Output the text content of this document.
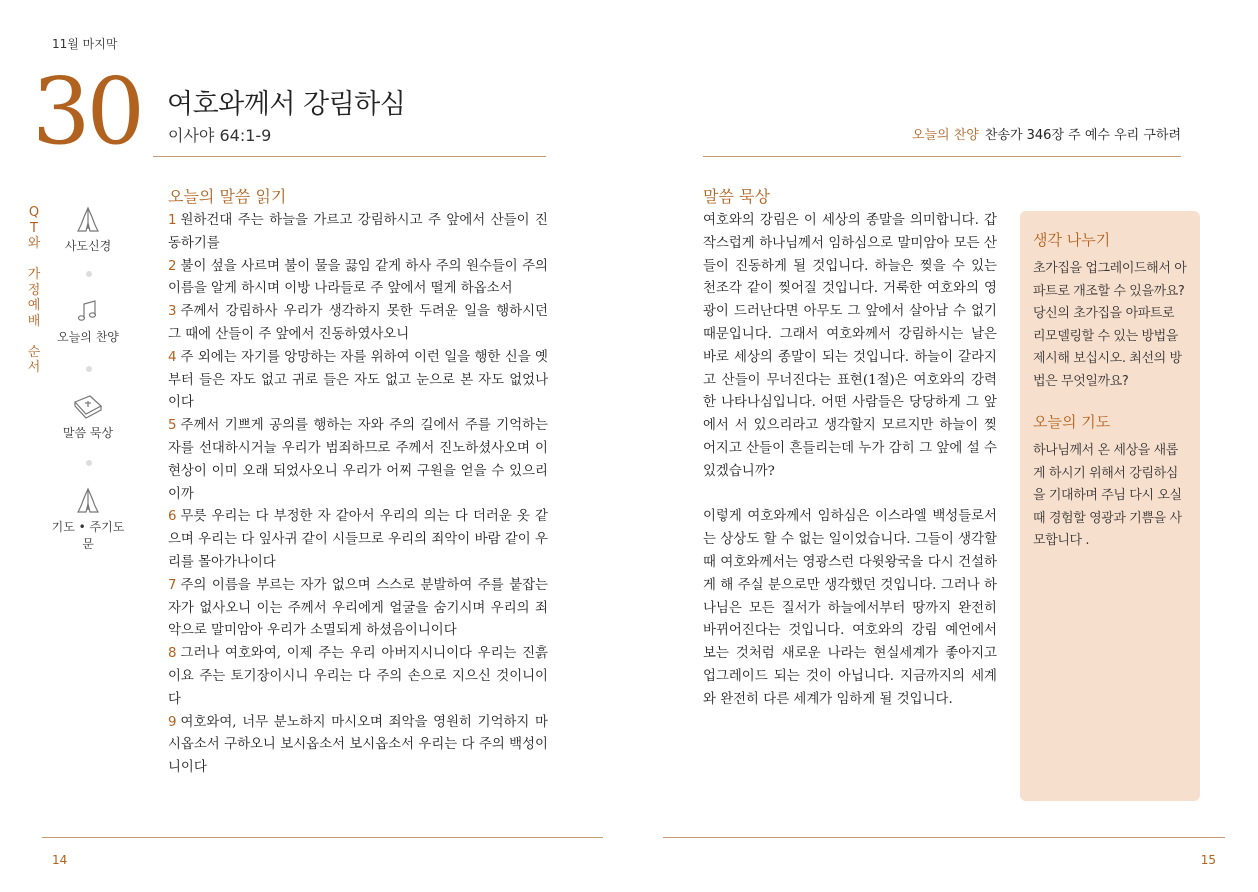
11월 마지막
30 여호와께서 강림하심
이사야 64:1-9	오늘의 찬양 찬송가 346장 주 예수 우리 구하려
Q
T
와

가
정
예
배

순
서
사도신경
오늘의 찬양
말씀 묵상
기도 • 주기도문
오늘의 말씀 읽기
1 원하건대 주는 하늘을 가르고 강림하시고 주 앞에서 산들이 진동하기를
2 불이 섶을 사르며 불이 물을 끓임 같게 하사 주의 원수들이 주의 이름을 알게 하시며 이방 나라들로 주 앞에서 떨게 하옵소서
3 주께서 강림하사 우리가 생각하지 못한 두려운 일을 행하시던 그 때에 산들이 주 앞에서 진동하였사오니
4 주 외에는 자기를 앙망하는 자를 위하여 이런 일을 행한 신을 옛부터 들은 자도 없고 귀로 들은 자도 없고 눈으로 본 자도 없었나이다
5 주께서 기쁘게 공의를 행하는 자와 주의 길에서 주를 기억하는 자를 선대하시거늘 우리가 범죄하므로 주께서 진노하셨사오며 이 현상이 이미 오래 되었사오니 우리가 어찌 구원을 얻을 수 있으리이까
6 무릇 우리는 다 부정한 자 같아서 우리의 의는 다 더러운 옷 같으며 우리는 다 잎사귀 같이 시들므로 우리의 죄악이 바람 같이 우리를 몰아가나이다
7 주의 이름을 부르는 자가 없으며 스스로 분발하여 주를 붙잡는 자가 없사오니 이는 주께서 우리에게 얼굴을 숨기시며 우리의 죄악으로 말미암아 우리가 소멸되게 하셨음이니이다
8 그러나 여호와여, 이제 주는 우리 아버지시니이다 우리는 진흙이요 주는 토기장이시니 우리는 다 주의 손으로 지으신 것이니이다
9 여호와여, 너무 분노하지 마시오며 죄악을 영원히 기억하지 마시옵소서 구하오니 보시옵소서 보시옵소서 우리는 다 주의 백성이니이다
말씀 묵상

여호와의 강림은 이 세상의 종말을 의미합니다. 갑작스럽게 하나님께서 임하심으로 말미암아 모든 산들이 진동하게 될 것입니다. 하늘은 찢을 수 있는 천조각 같이 찢어질 것입니다. 거룩한 여호와의 영광이 드러난다면 아무도 그 앞에서 살아남 수 없기 때문입니다. 그래서 여호와께서 강림하시는 날은 바로 세상의 종말이 되는 것입니다. 하늘이 갈라지고 산들이 무너진다는 표현(1절)은 여호와의 강력한 나타나심입니다. 어떤 사람들은 당당하게 그 앞에서 서 있으리라고 생각할지 모르지만 하늘이 찢어지고 산들이 흔들리는데 누가 감히 그 앞에 설 수 있겠습니까?

이렇게 여호와께서 임하심은 이스라엘 백성들로서는 상상도 할 수 없는 일이었습니다. 그들이 생각할 때 여호와께서는 영광스런 다윗왕국을 다시 건설하게 해 주실 분으로만 생각했던 것입니다. 그러나 하나님은 모든 질서가 하늘에서부터 땅까지 완전히 바뀌어진다는 것입니다. 여호와의 강림 예언에서 보는 것처럼 새로운 나라는 현실세계가 좋아지고 업그레이드 되는 것이 아닙니다. 지금까지의 세계와 완전히 다른 세계가 임하게 될 것입니다.

생각 나누기
초가집을 업그레이드해서 아파트로 개조할 수 있을까요? 당신의 초가집을 아파트로 리모델링할 수 있는 방법을 제시해 보십시오. 최선의 방법은 무엇일까요?
오늘의 기도
하나님께서 온 세상을 새롭게 하시기 위해서 강림하심을 기대하며 주님 다시 오실 때 경험할 영광과 기쁨을 사모합니다 .
14	15
